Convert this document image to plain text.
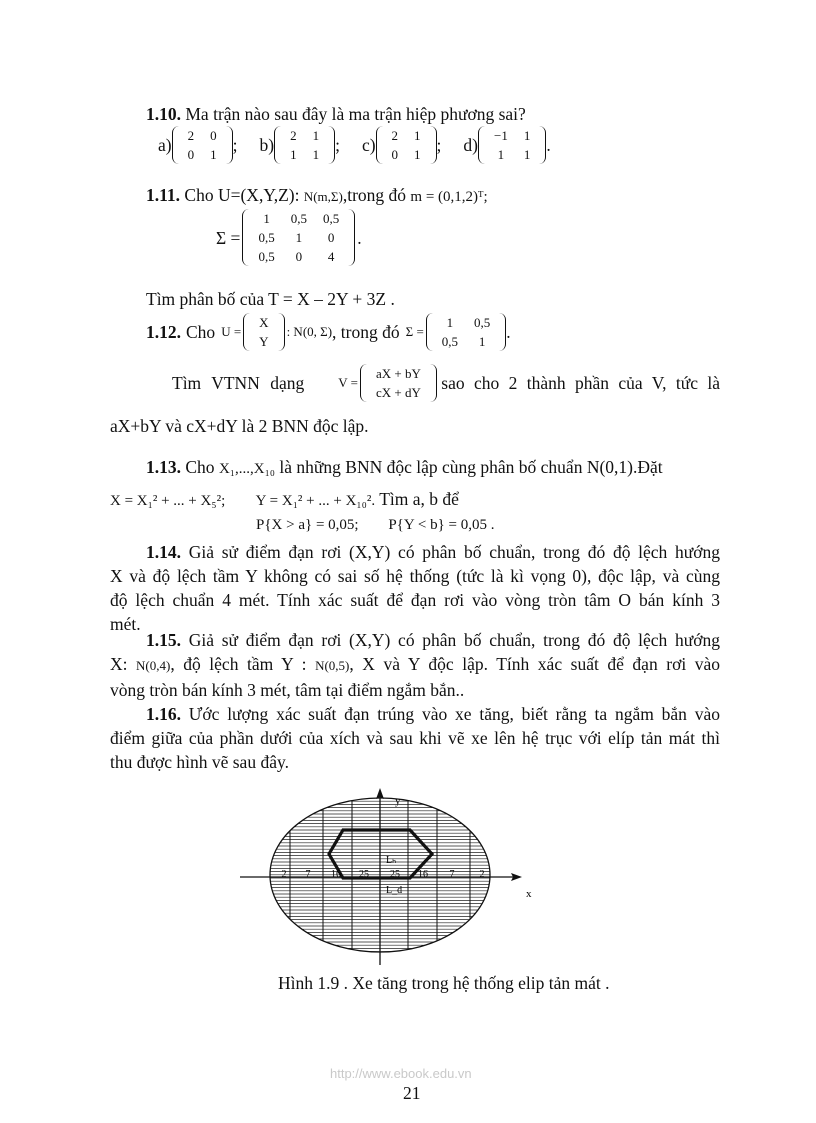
1.10. Ma trận nào sau đây là ma trận hiệp phương sai?
a) 2	0
0	1 ; b) 2	1
1	1 ; c) 2	1
0	1 ; d) −1	1
1	1 .
1.11. Cho U=(X,Y,Z): N(m,Σ),trong đó m = (0,1,2)ᵀ;
Σ =
1	0,5	0,5
0,5	1	0
0,5	0	4
.
Tìm phân bố của T = X – 2Y + 3Z .
1.12. Cho U =
X
Y
: N(0, Σ) , trong đó Σ =
1	0,5
0,5	1 .
Tìm VTNN dạng	V =
aX + bY
cX + dY sao cho 2 thành phần của V, tức là
aX+bY và cX+dY là 2 BNN độc lập.
1.13. Cho X₁,...,X₁₀ là những BNN độc lập cùng phân bố chuẩn N(0,1).Đặt
X = X₁² + ... + X₅²; Y = X₁² + ... + X₁₀². Tìm a, b để
P{X > a} = 0,05; P{Y < b} = 0,05 .
1.14. Giả sử điểm đạn rơi (X,Y) có phân bố chuẩn, trong đó độ lệch hướng
X và độ lệch tầm Y không có sai số hệ thống (tức là kì vọng 0), độc lập, và cùng
độ lệch chuẩn 4 mét. Tính xác suất để đạn rơi vào vòng tròn tâm O bán kính 3
mét.
1.15. Giả sử điểm đạn rơi (X,Y) có phân bố chuẩn, trong đó độ lệch hướng
X: N(0,4), độ lệch tầm Y : N(0,5), X và Y độc lập. Tính xác suất để đạn rơi vào
vòng tròn bán kính 3 mét, tâm tại điểm ngắm bắn..
1.16. Ước lượng xác suất đạn trúng vào xe tăng, biết rằng ta ngắm bắn vào
điểm giữa của phần dưới của xích và sau khi vẽ xe lên hệ trục với elíp tản mát thì
thu được hình vẽ sau đây.
y
x
2 7 16 25 25 16 7	2
Lₕ
L_d
Hình 1.9 . Xe tăng trong hệ thống elip tản mát .
http://www.ebook.edu.vn
21
